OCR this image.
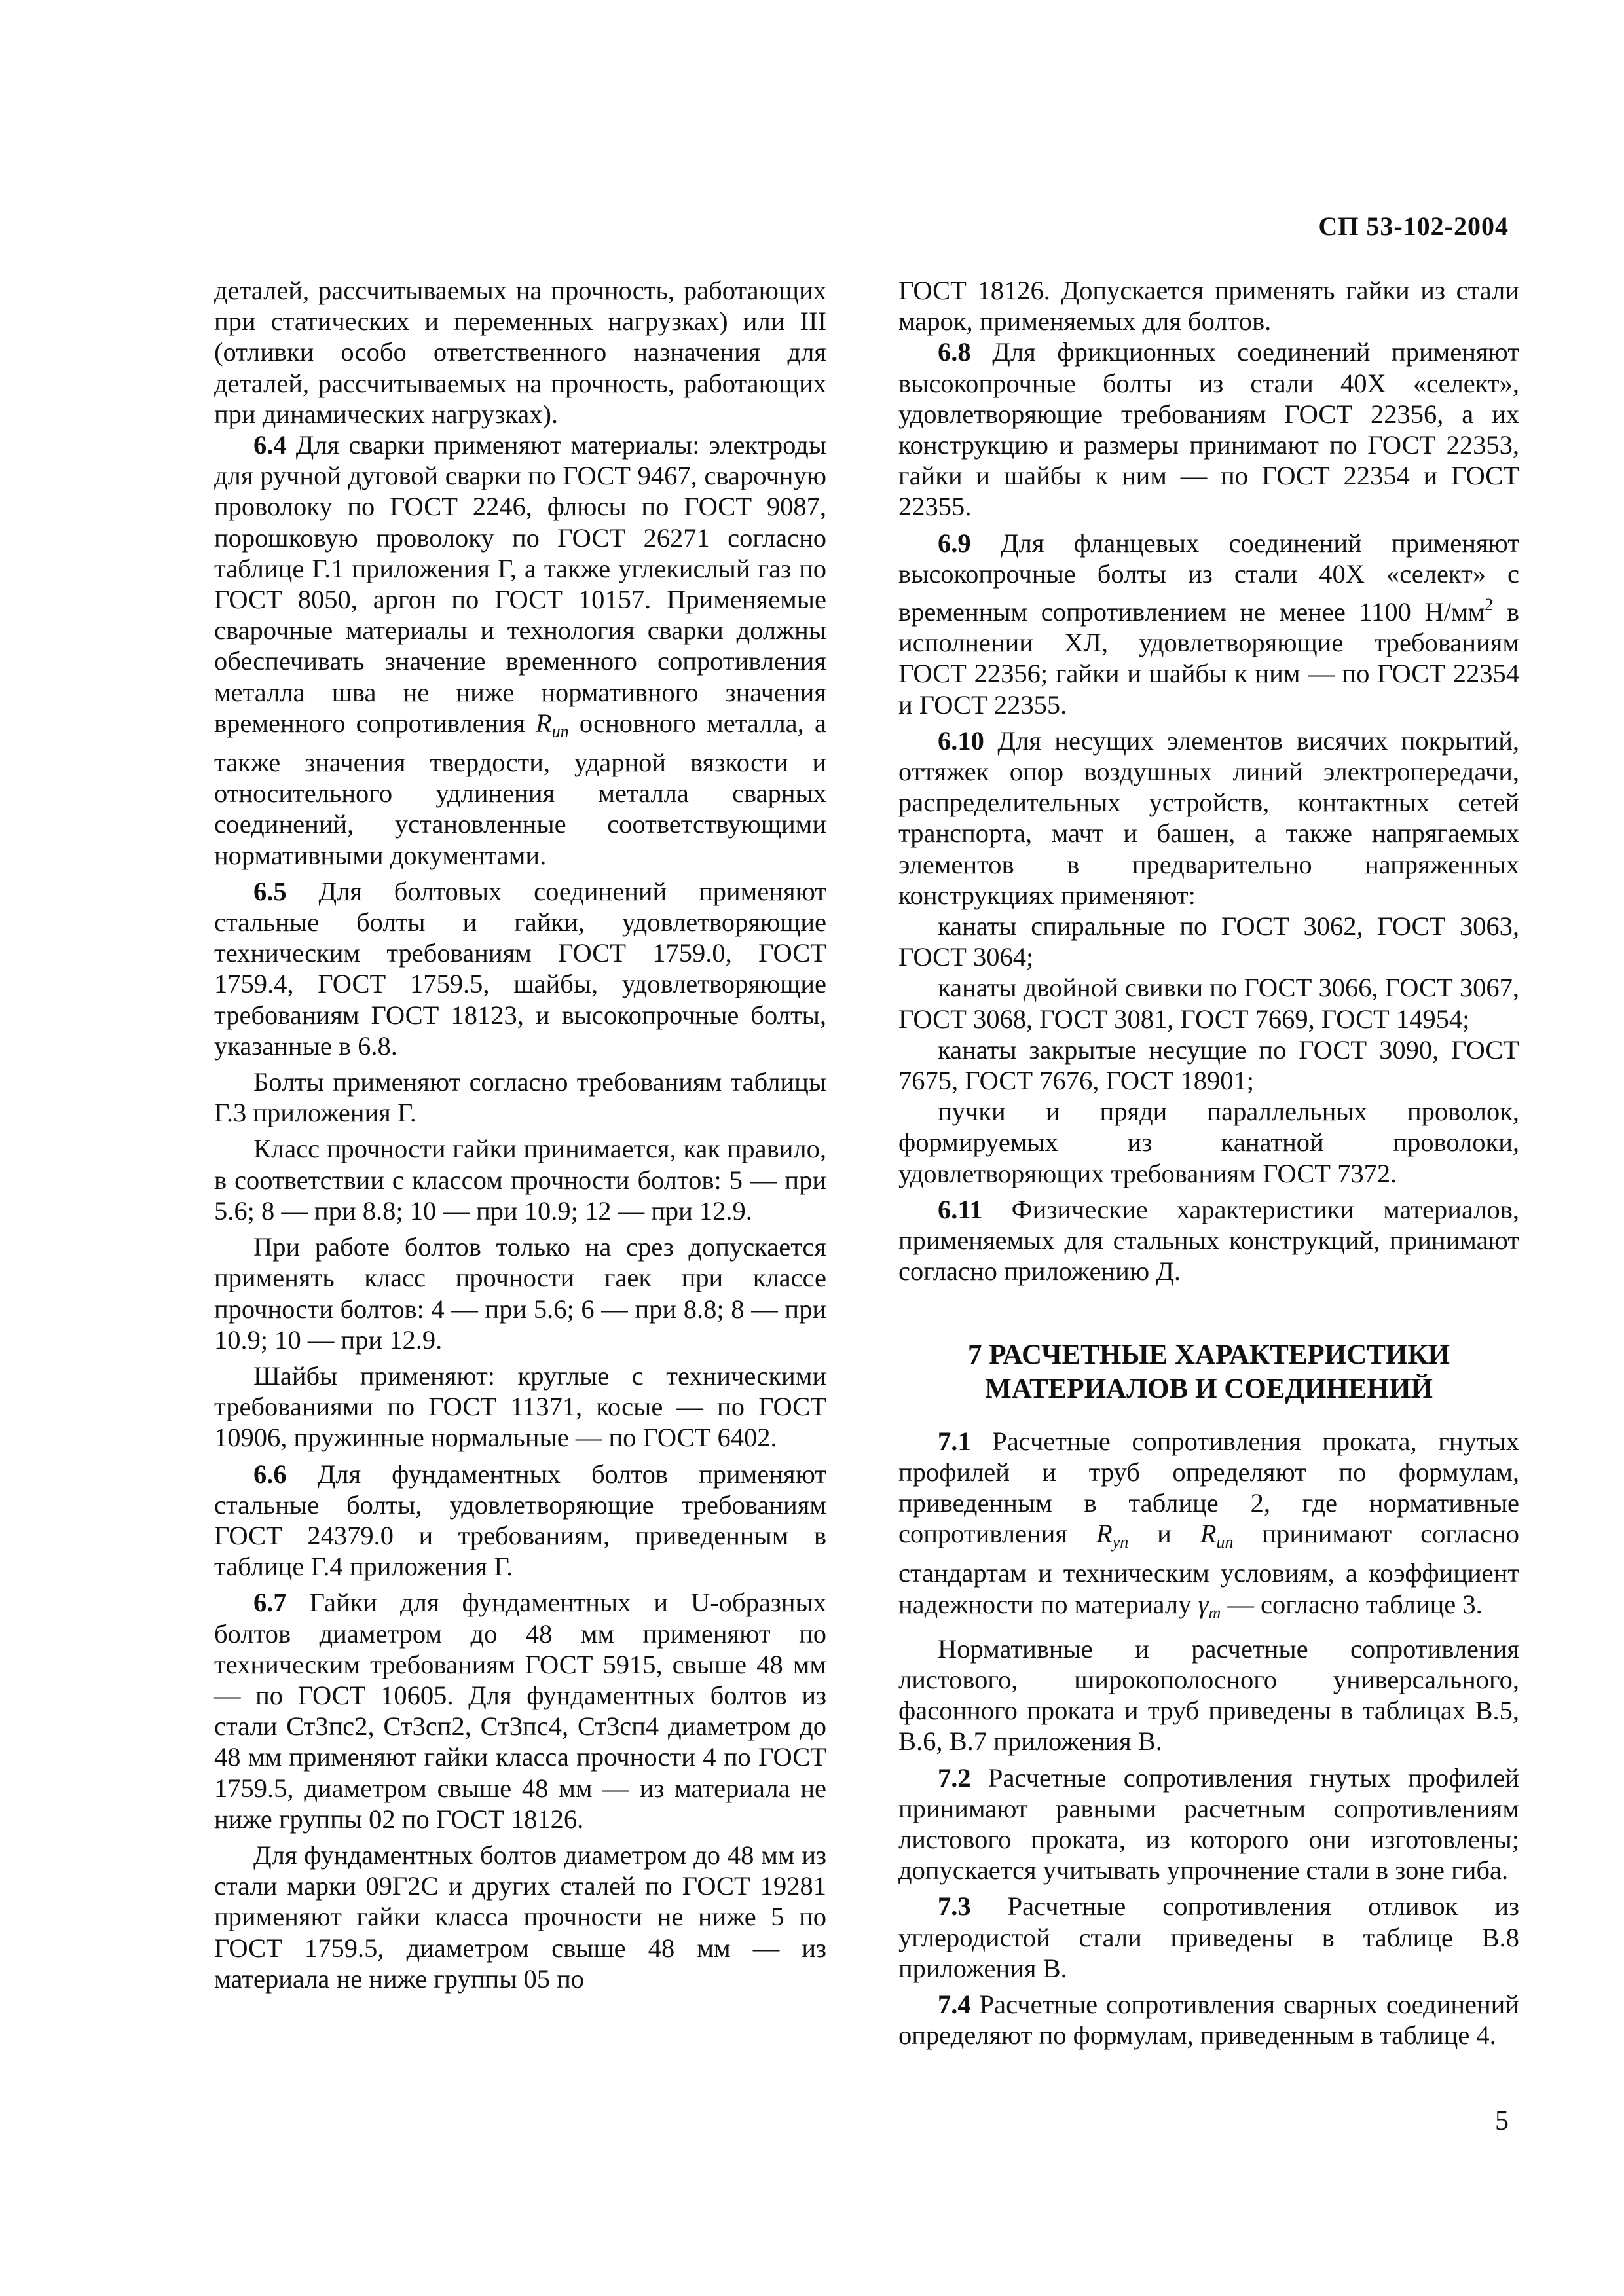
СП 53-102-2004

деталей, рассчитываемых на прочность, работающих при статических и переменных нагрузках) или III (отливки особо ответственного назначения для деталей, рассчитываемых на прочность, работающих при динамических нагрузках).

6.4 Для сварки применяют материалы: электроды для ручной дуговой сварки по ГОСТ 9467, сварочную проволоку по ГОСТ 2246, флюсы по ГОСТ 9087, порошковую проволоку по ГОСТ 26271 согласно таблице Г.1 приложения Г, а также углекислый газ по ГОСТ 8050, аргон по ГОСТ 10157. Применяемые сварочные материалы и технология сварки должны обеспечивать значение временного сопротивления металла шва не ниже нормативного значения временного сопротивления $R_{un}$ основного металла, а также значения твердости, ударной вязкости и относительного удлинения металла сварных соединений, установленные соответствующими нормативными документами.

6.5 Для болтовых соединений применяют стальные болты и гайки, удовлетворяющие техническим требованиям ГОСТ 1759.0, ГОСТ 1759.4, ГОСТ 1759.5, шайбы, удовлетворяющие требованиям ГОСТ 18123, и высокопрочные болты, указанные в 6.8.

Болты применяют согласно требованиям таблицы Г.3 приложения Г.

Класс прочности гайки принимается, как правило, в соответствии с классом прочности болтов: 5 — при 5.6; 8 — при 8.8; 10 — при 10.9; 12 — при 12.9.

При работе болтов только на срез допускается применять класс прочности гаек при классе прочности болтов: 4 — при 5.6; 6 — при 8.8; 8 — при 10.9; 10 — при 12.9.

Шайбы применяют: круглые с техническими требованиями по ГОСТ 11371, косые — по ГОСТ 10906, пружинные нормальные — по ГОСТ 6402.

6.6 Для фундаментных болтов применяют стальные болты, удовлетворяющие требованиям ГОСТ 24379.0 и требованиям, приведенным в таблице Г.4 приложения Г.

6.7 Гайки для фундаментных и U-образных болтов диаметром до 48 мм применяют по техническим требованиям ГОСТ 5915, свыше 48 мм — по ГОСТ 10605. Для фундаментных болтов из стали Ст3пс2, Ст3сп2, Ст3пс4, Ст3сп4 диаметром до 48 мм применяют гайки класса прочности 4 по ГОСТ 1759.5, диаметром свыше 48 мм — из материала не ниже группы 02 по ГОСТ 18126.

Для фундаментных болтов диаметром до 48 мм из стали марки 09Г2С и других сталей по ГОСТ 19281 применяют гайки класса прочности не ниже 5 по ГОСТ 1759.5, диаметром свыше 48 мм — из материала не ниже группы 05 по

ГОСТ 18126. Допускается применять гайки из стали марок, применяемых для болтов.

6.8 Для фрикционных соединений применяют высокопрочные болты из стали 40Х «селект», удовлетворяющие требованиям ГОСТ 22356, а их конструкцию и размеры принимают по ГОСТ 22353, гайки и шайбы к ним — по ГОСТ 22354 и ГОСТ 22355.

6.9 Для фланцевых соединений применяют высокопрочные болты из стали 40Х «селект» с временным сопротивлением не менее 1100 $Н/мм^2$ в исполнении ХЛ, удовлетворяющие требованиям ГОСТ 22356; гайки и шайбы к ним — по ГОСТ 22354 и ГОСТ 22355.

6.10 Для несущих элементов висячих покрытий, оттяжек опор воздушных линий электропередачи, распределительных устройств, контактных сетей транспорта, мачт и башен, а также напрягаемых элементов в предварительно напряженных конструкциях применяют:

канаты спиральные по ГОСТ 3062, ГОСТ 3063, ГОСТ 3064;

канаты двойной свивки по ГОСТ 3066, ГОСТ 3067, ГОСТ 3068, ГОСТ 3081, ГОСТ 7669, ГОСТ 14954;

канаты закрытые несущие по ГОСТ 3090, ГОСТ 7675, ГОСТ 7676, ГОСТ 18901;

пучки и пряди параллельных проволок, формируемых из канатной проволоки, удовлетворяющих требованиям ГОСТ 7372.

6.11 Физические характеристики материалов, применяемых для стальных конструкций, принимают согласно приложению Д.

7 РАСЧЕТНЫЕ ХАРАКТЕРИСТИКИ
МАТЕРИАЛОВ И СОЕДИНЕНИЙ

7.1 Расчетные сопротивления проката, гнутых профилей и труб определяют по формулам, приведенным в таблице 2, где нормативные сопротивления $R_{yn}$ и $R_{un}$ принимают согласно стандартам и техническим условиям, а коэффициент надежности по материалу $\gamma_m$ — согласно таблице 3.

Нормативные и расчетные сопротивления листового, широкополосного универсального, фасонного проката и труб приведены в таблицах В.5, В.6, В.7 приложения В.

7.2 Расчетные сопротивления гнутых профилей принимают равными расчетным сопротивлениям листового проката, из которого они изготовлены; допускается учитывать упрочнение стали в зоне гиба.

7.3 Расчетные сопротивления отливок из углеродистой стали приведены в таблице В.8 приложения В.

7.4 Расчетные сопротивления сварных соединений определяют по формулам, приведенным в таблице 4.

5
